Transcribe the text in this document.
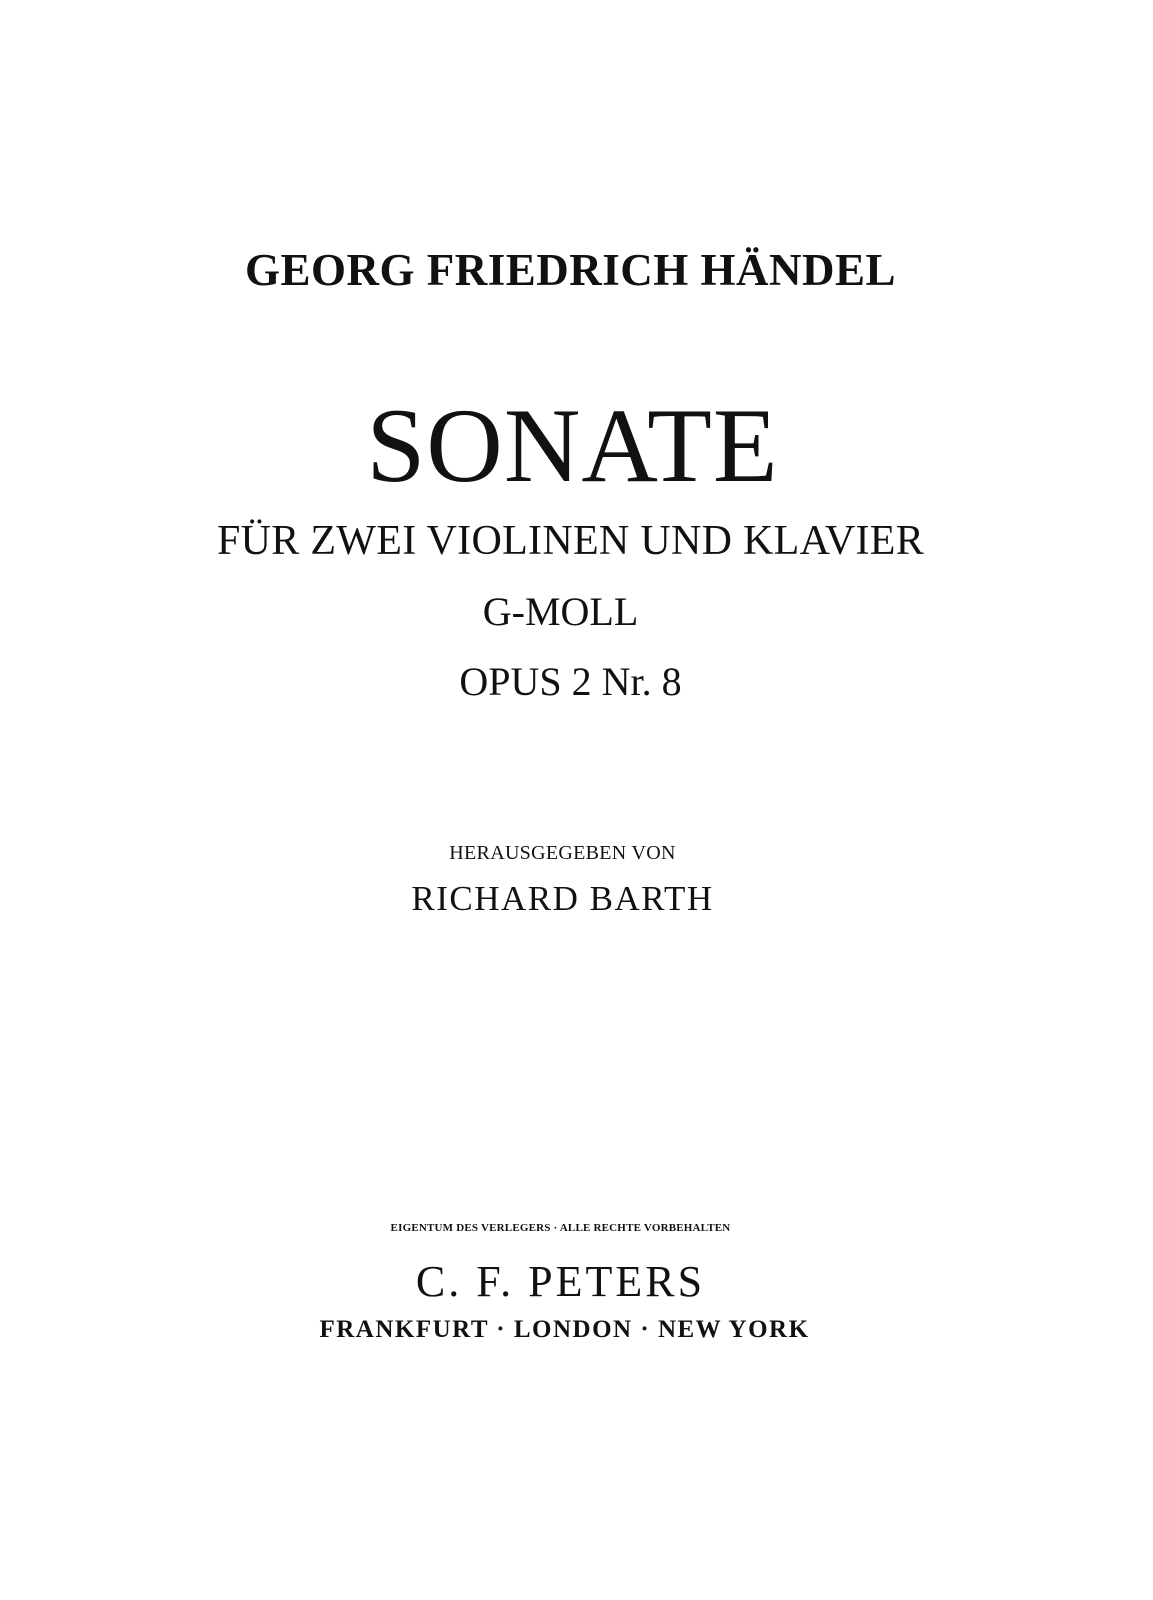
GEORG FRIEDRICH HÄNDEL
SONATE
FÜR ZWEI VIOLINEN UND KLAVIER
G-MOLL
OPUS 2 Nr. 8
HERAUSGEGEBEN VON
RICHARD BARTH
EIGENTUM DES VERLEGERS · ALLE RECHTE VORBEHALTEN
C. F. PETERS
FRANKFURT · LONDON · NEW YORK
